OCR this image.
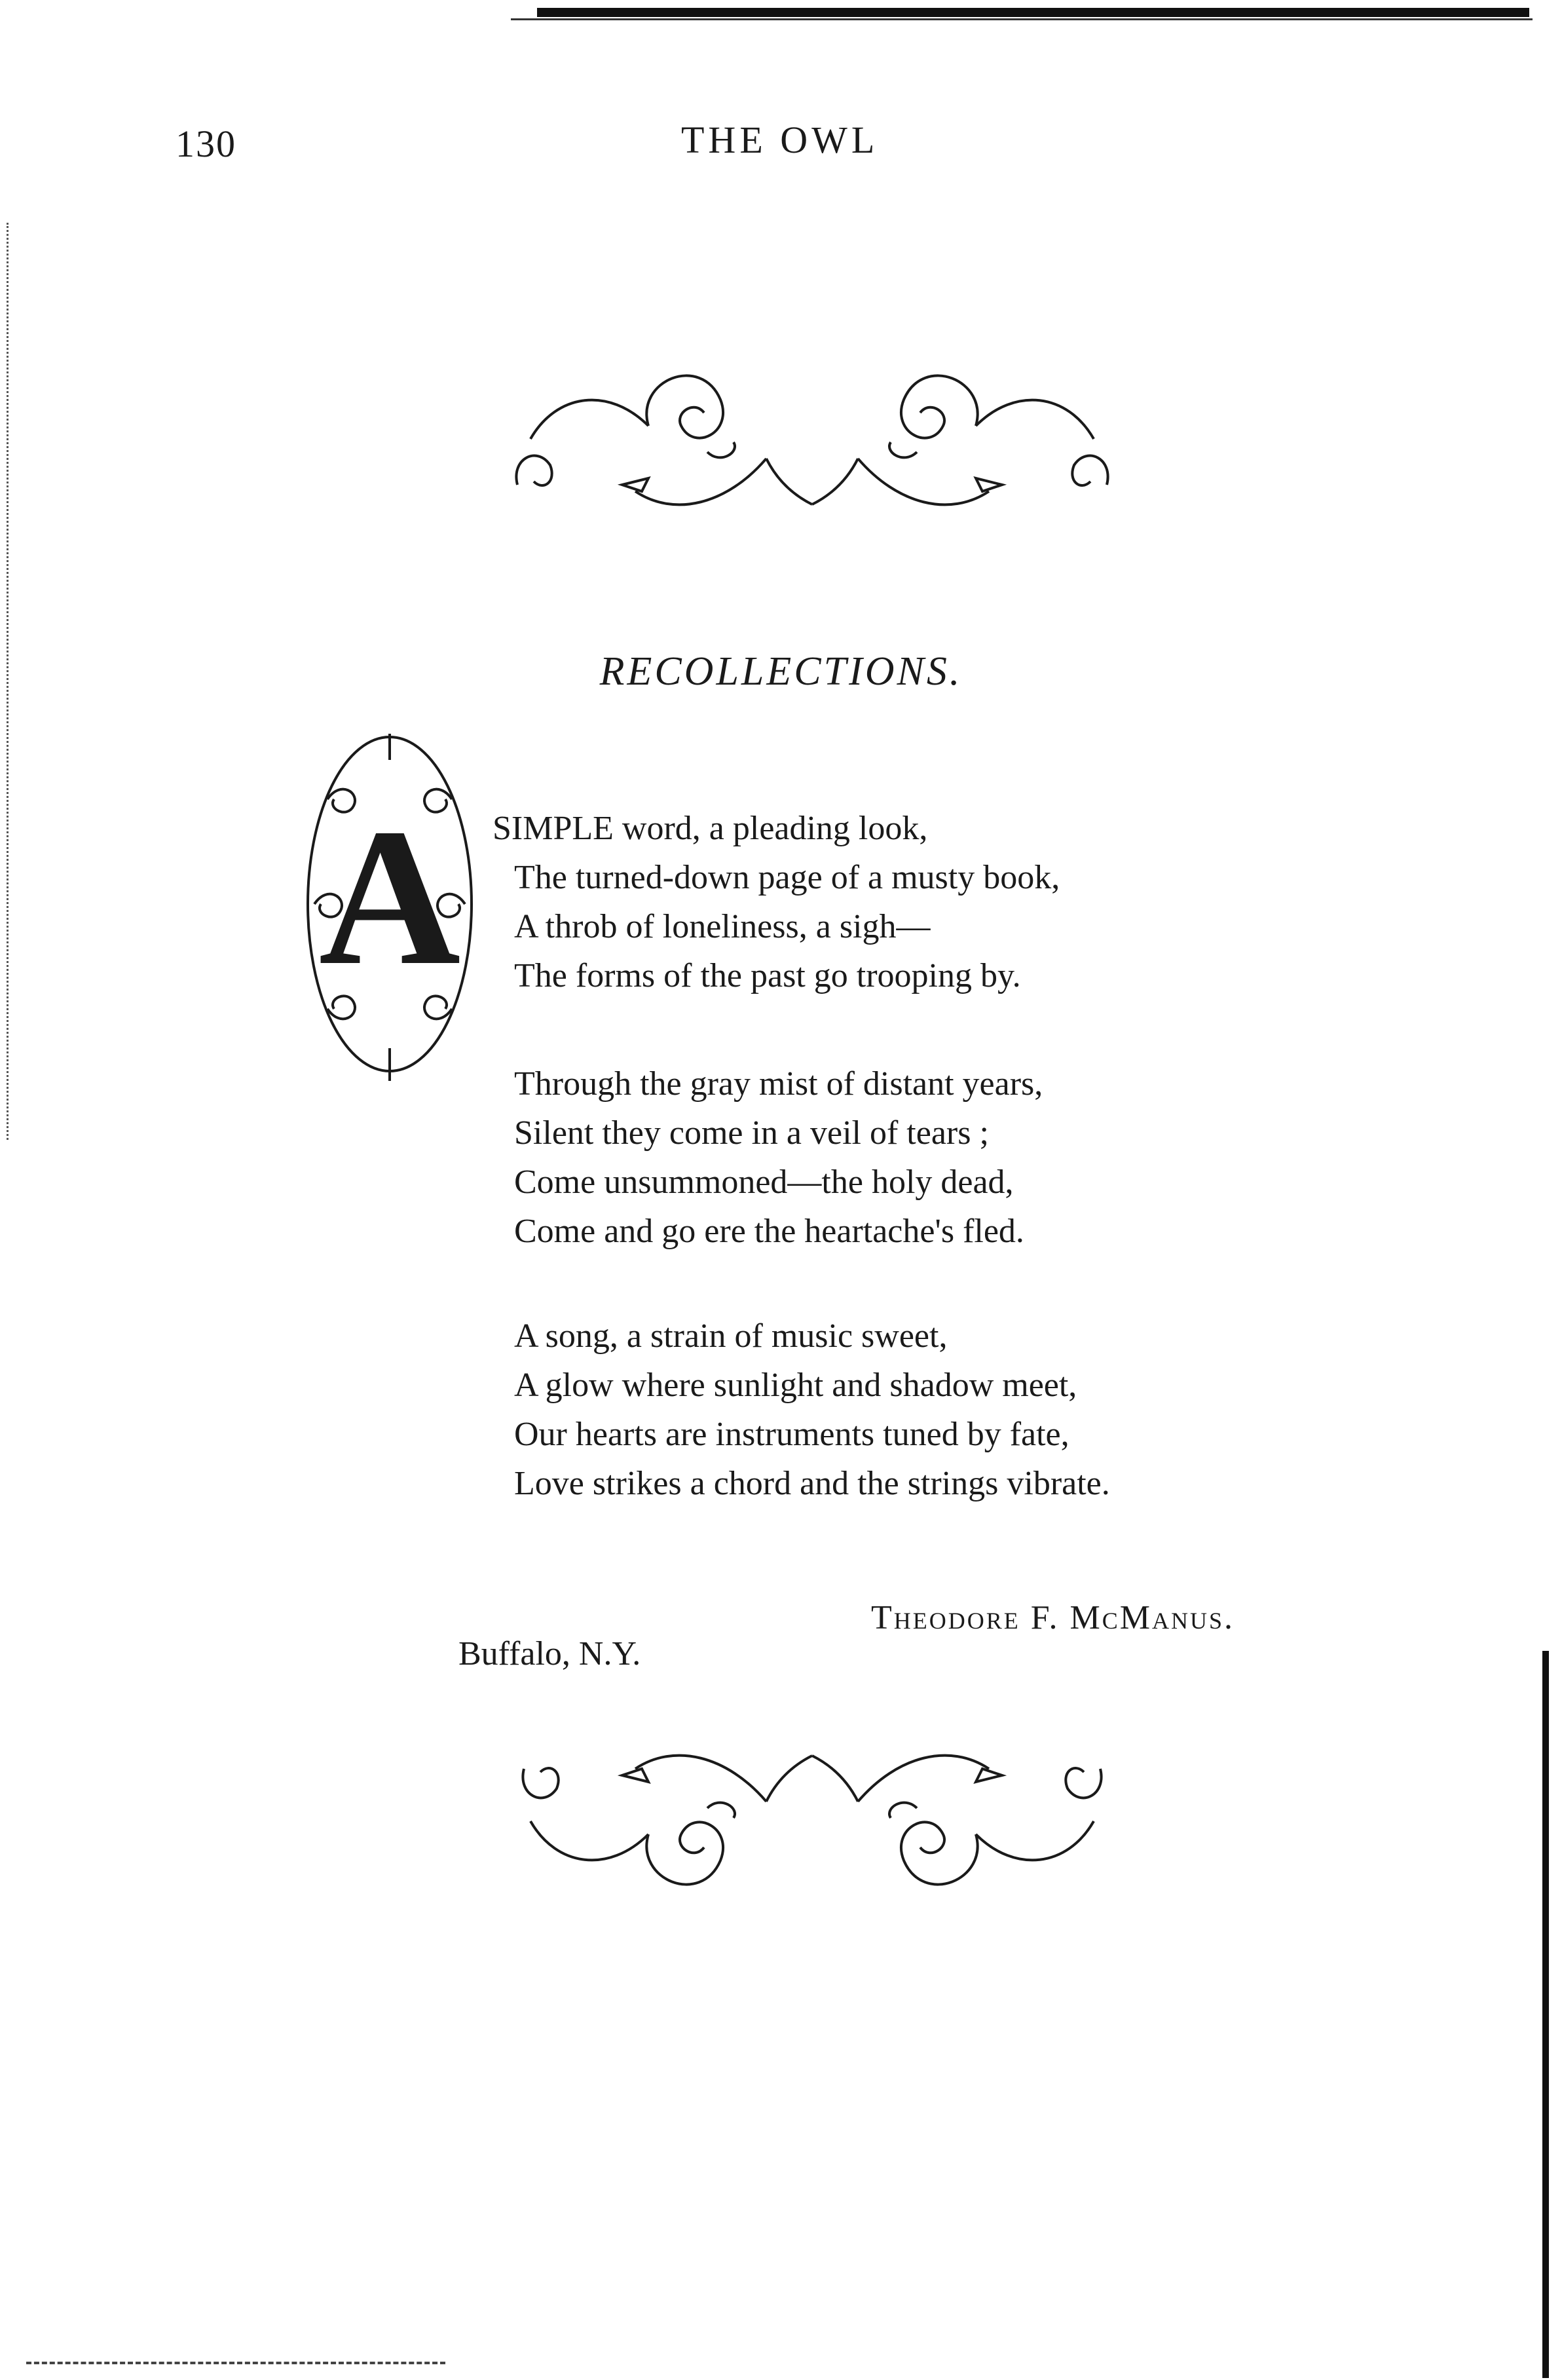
130	THE OWL
RECOLLECTIONS.
A SIMPLE word, a pleading look,
The turned-down page of a musty book,
A throb of loneliness, a sigh—
The forms of the past go trooping by.
Through the gray mist of distant years,
Silent they come in a veil of tears ;
Come unsummoned—the holy dead,
Come and go ere the heartache's fled.
A song, a strain of music sweet,
A glow where sunlight and shadow meet,
Our hearts are instruments tuned by fate,
Love strikes a chord and the strings vibrate.
Theodore F. McManus.
Buffalo, N.Y.
